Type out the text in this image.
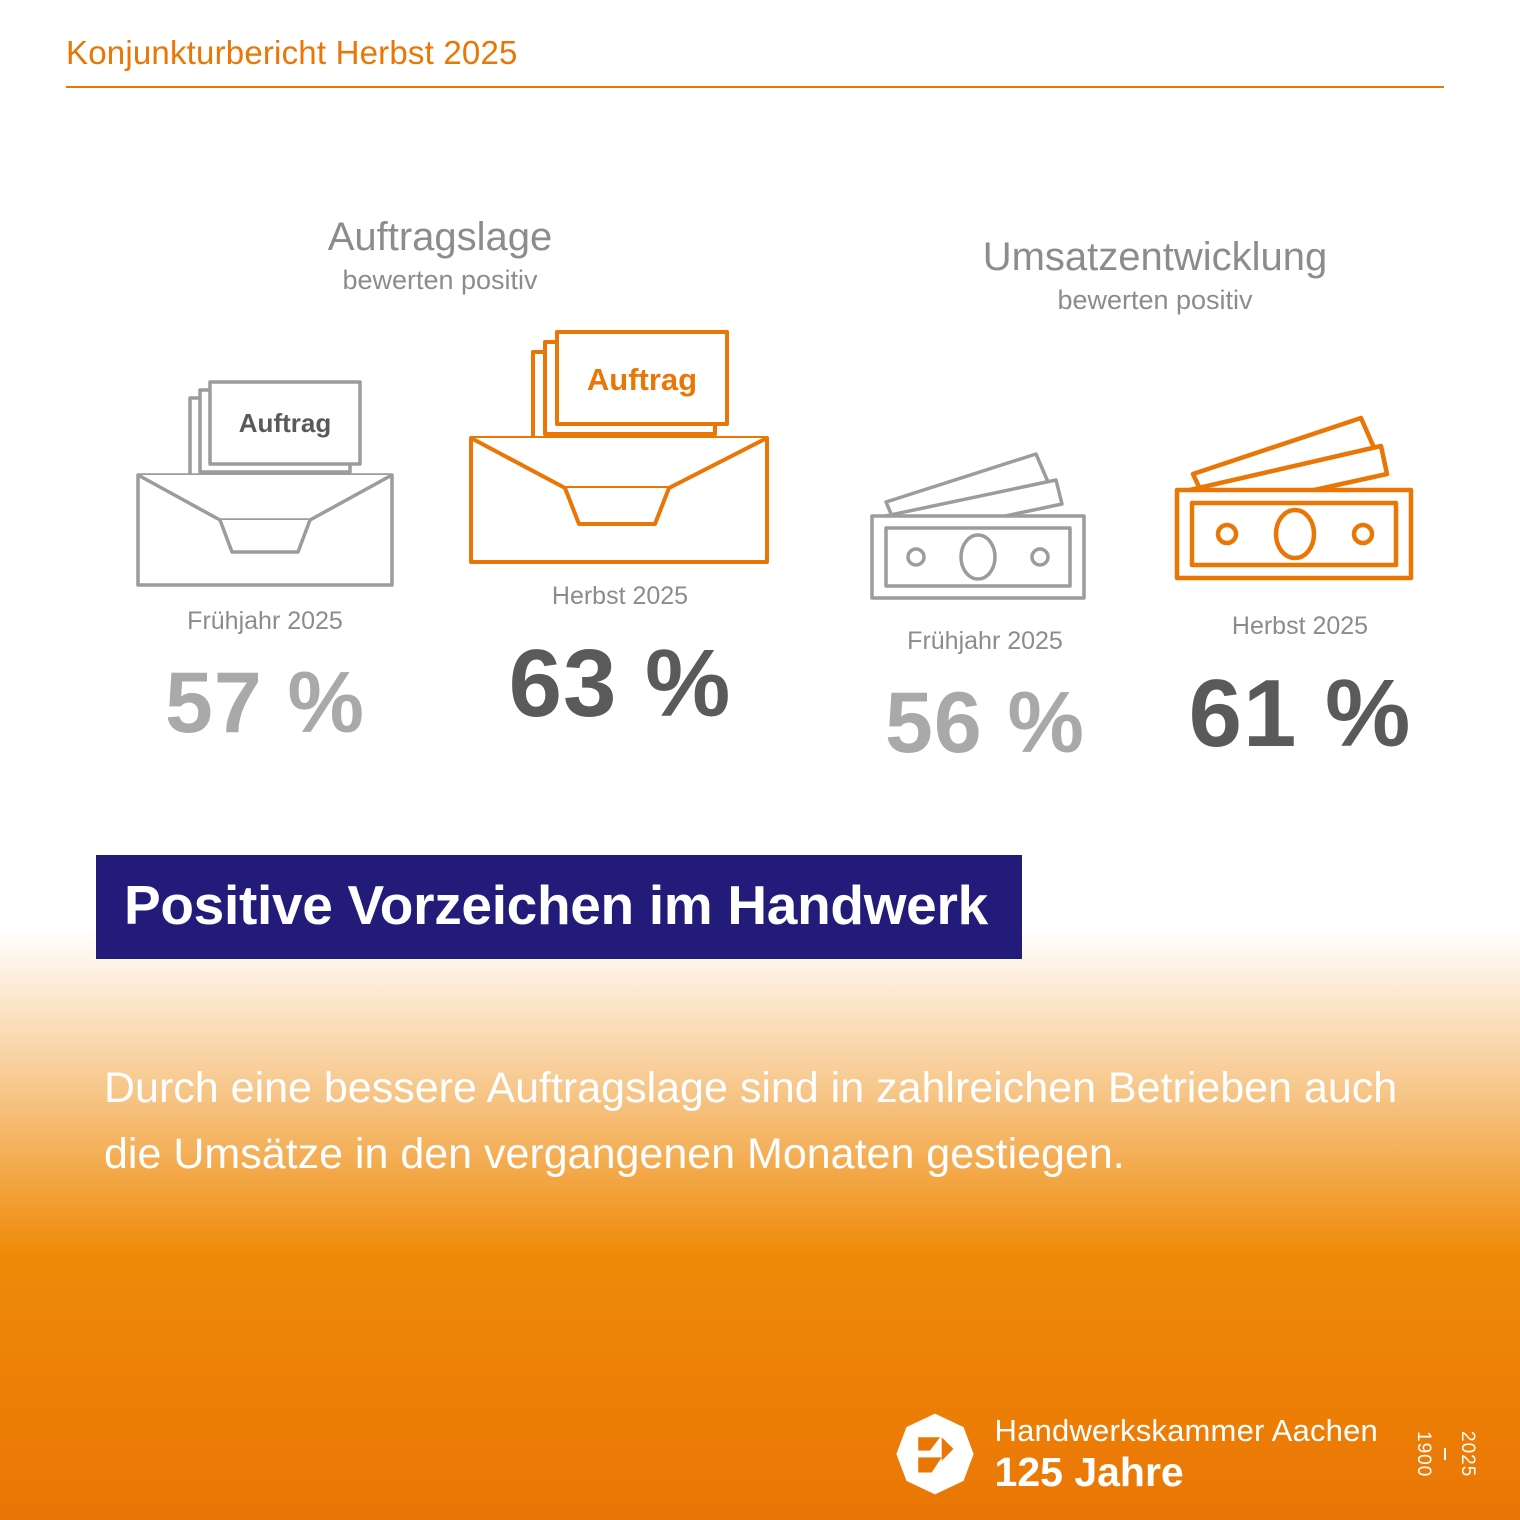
Konjunkturbericht Herbst 2025
Auftragslage
bewerten positiv
Umsatzentwicklung
bewerten positiv
Auftrag
Frühjahr 2025
57 %
Auftrag
Herbst 2025
63 %	Frühjahr 2025
56 %
Herbst 2025
61 %
Positive Vorzeichen im Handwerk
Durch eine bessere Auftragslage sind in zahlreichen Betrieben auch die Umsätze in den vergangenen Monaten gestiegen.
Handwerkskammer Aachen
125 Jahre	1900 2025
